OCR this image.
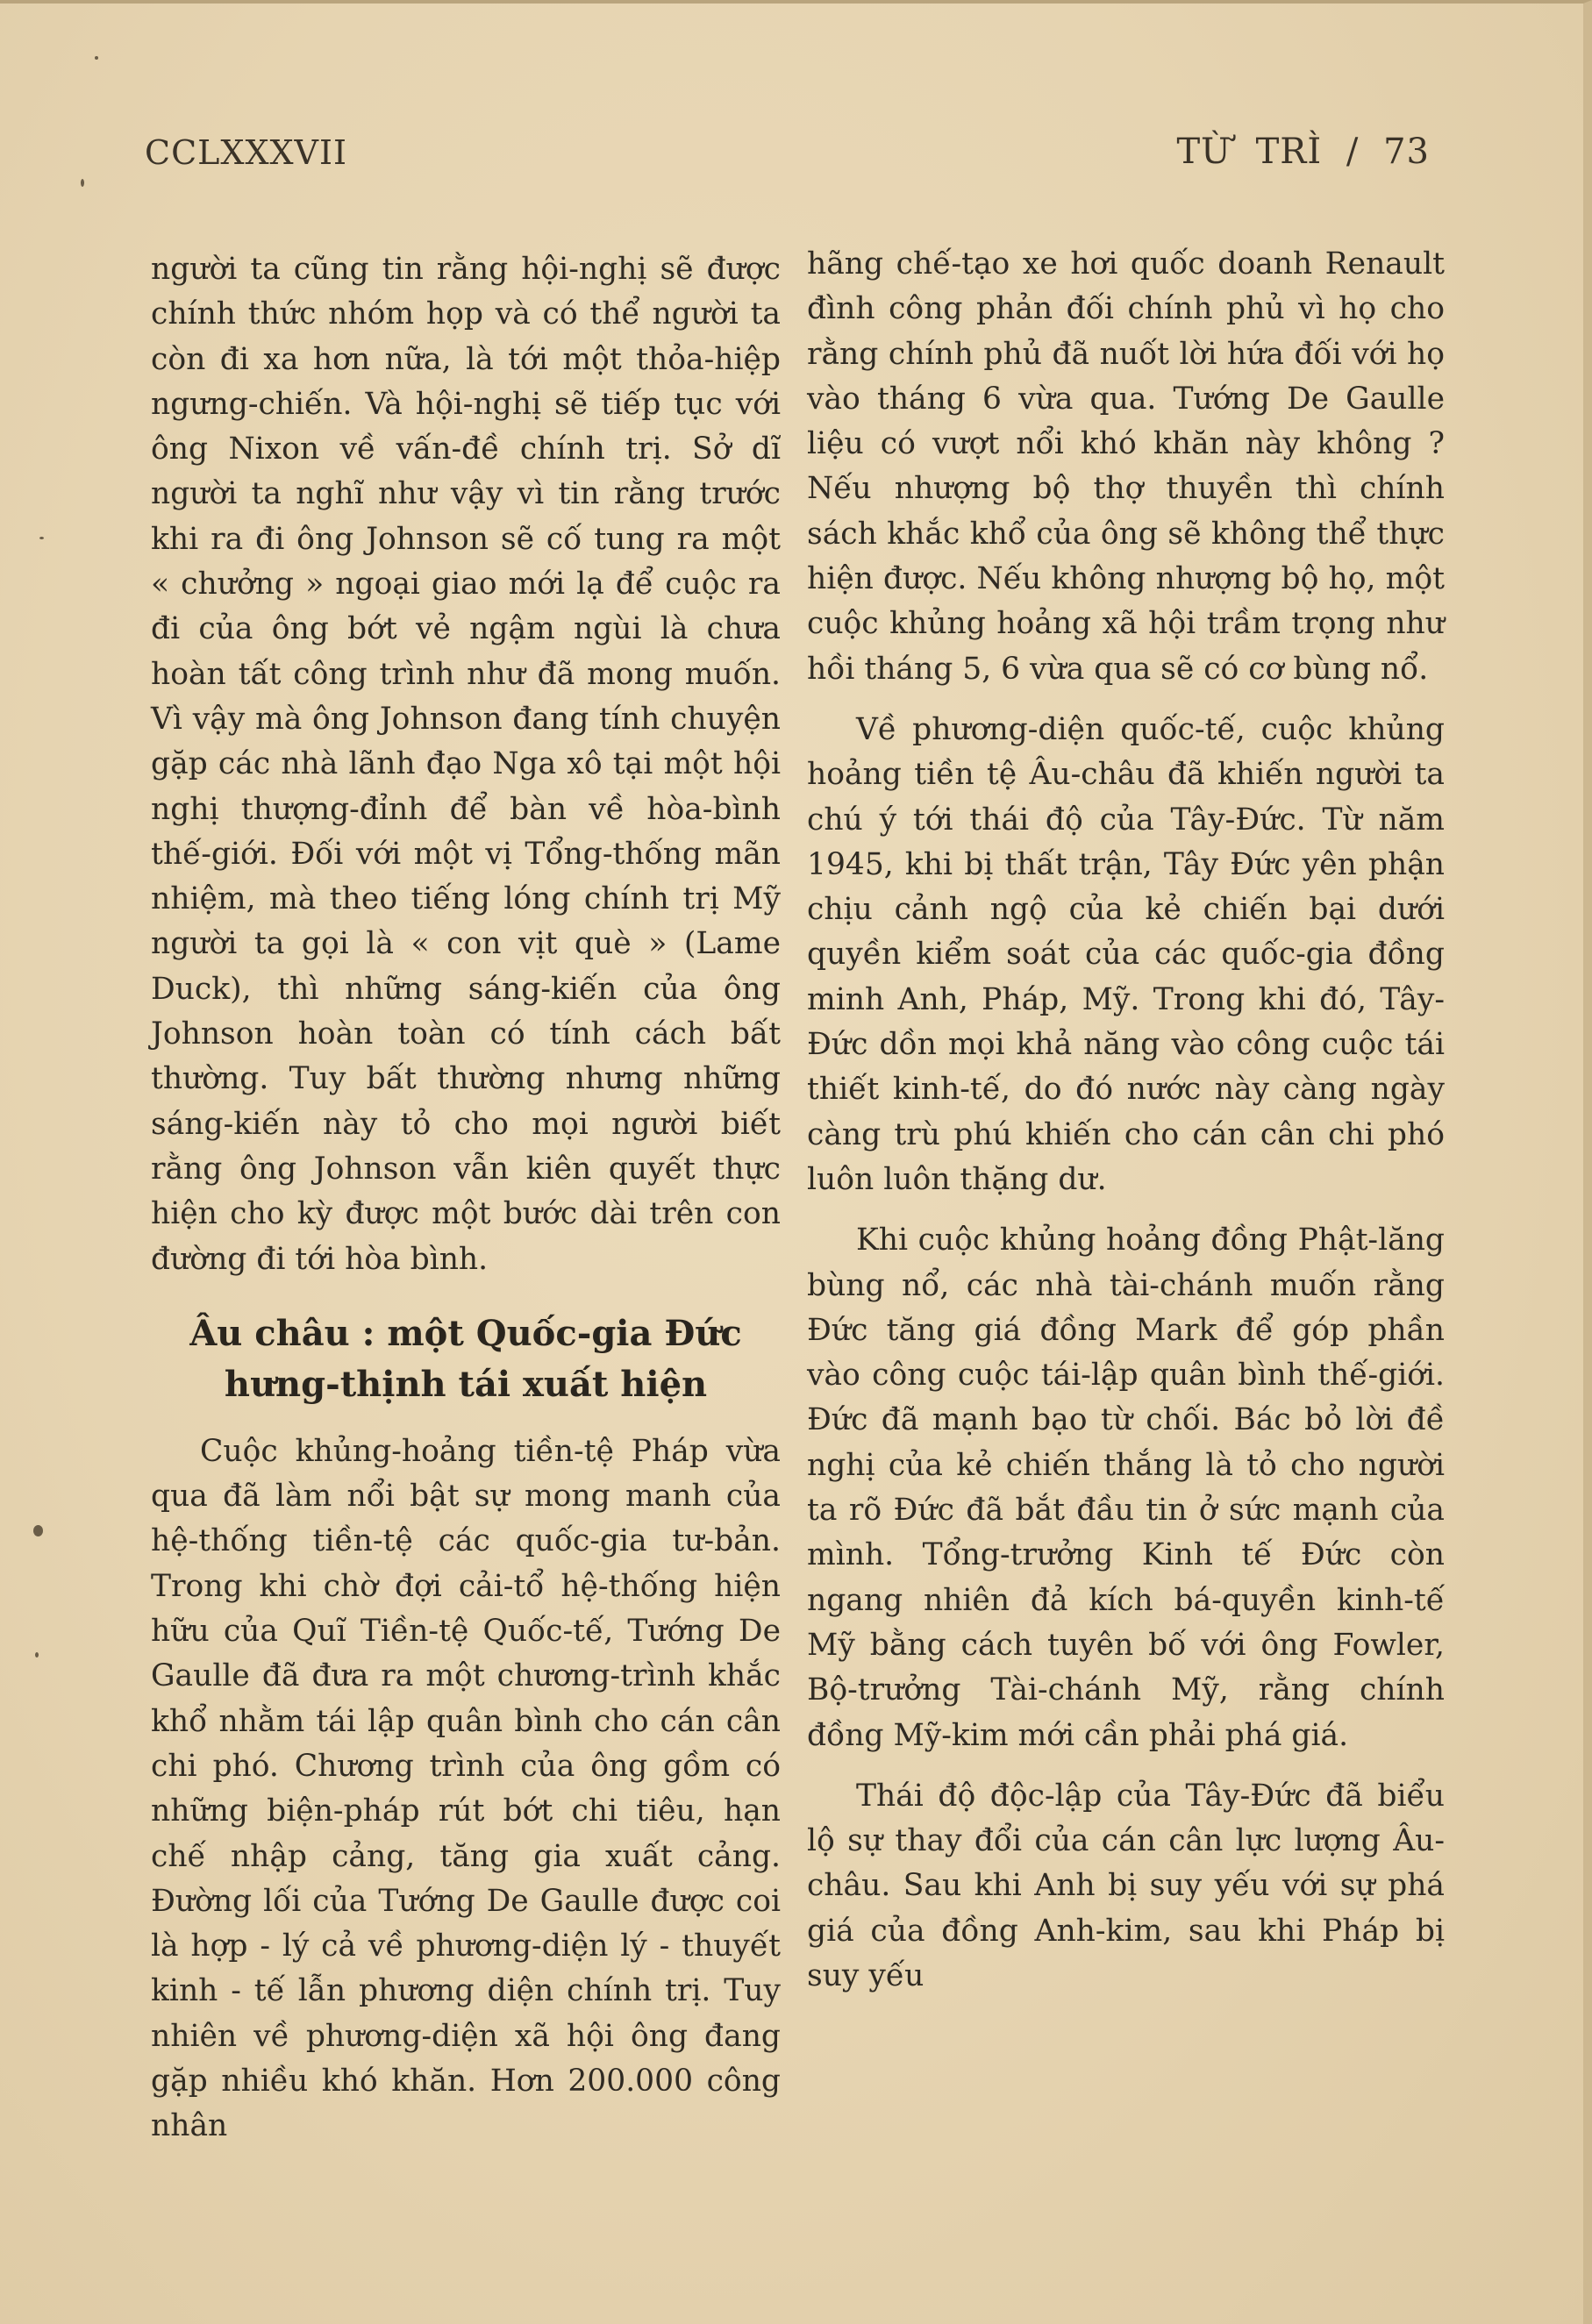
CCLXXXVII	TỪ TRÌ / 73

người ta cũng tin rằng hội-nghị sẽ được chính thức nhóm họp và có thể người ta còn đi xa hơn nữa, là tới một thỏa-hiệp ngưng-chiến. Và hội-nghị sẽ tiếp tục với ông Nixon về vấn-đề chính trị. Sở dĩ người ta nghĩ như vậy vì tin rằng trước khi ra đi ông Johnson sẽ cố tung ra một « chưởng » ngoại giao mới lạ để cuộc ra đi của ông bớt vẻ ngậm ngùi là chưa hoàn tất công trình như đã mong muốn. Vì vậy mà ông Johnson đang tính chuyện gặp các nhà lãnh đạo Nga xô tại một hội nghị thượng-đỉnh để bàn về hòa-bình thế-giới. Đối với một vị Tổng-thống mãn nhiệm, mà theo tiếng lóng chính trị Mỹ người ta gọi là « con vịt què » (Lame Duck), thì những sáng-kiến của ông Johnson hoàn toàn có tính cách bất thường. Tuy bất thường nhưng những sáng-kiến này tỏ cho mọi người biết rằng ông Johnson vẫn kiên quyết thực hiện cho kỳ được một bước dài trên con đường đi tới hòa bình.

Âu châu : một Quốc-gia Đức
hưng-thịnh tái xuất hiện

Cuộc khủng-hoảng tiền-tệ Pháp vừa qua đã làm nổi bật sự mong manh của hệ-thống tiền-tệ các quốc-gia tư-bản. Trong khi chờ đợi cải-tổ hệ-thống hiện hữu của Quĩ Tiền-tệ Quốc-tế, Tướng De Gaulle đã đưa ra một chương-trình khắc khổ nhằm tái lập quân bình cho cán cân chi phó. Chương trình của ông gồm có những biện-pháp rút bớt chi tiêu, hạn chế nhập cảng, tăng gia xuất cảng. Đường lối của Tướng De Gaulle được coi là hợp - lý cả về phương-diện lý - thuyết kinh - tế lẫn phương diện chính trị. Tuy nhiên về phương-diện xã hội ông đang gặp nhiều khó khăn. Hơn 200.000 công nhân

hãng chế-tạo xe hơi quốc doanh Renault đình công phản đối chính phủ vì họ cho rằng chính phủ đã nuốt lời hứa đối với họ vào tháng 6 vừa qua. Tướng De Gaulle liệu có vượt nổi khó khăn này không ? Nếu nhượng bộ thợ thuyền thì chính sách khắc khổ của ông sẽ không thể thực hiện được. Nếu không nhượng bộ họ, một cuộc khủng hoảng xã hội trầm trọng như hồi tháng 5, 6 vừa qua sẽ có cơ bùng nổ.

Về phương-diện quốc-tế, cuộc khủng hoảng tiền tệ Âu-châu đã khiến người ta chú ý tới thái độ của Tây-Đức. Từ năm 1945, khi bị thất trận, Tây Đức yên phận chịu cảnh ngộ của kẻ chiến bại dưới quyền kiểm soát của các quốc-gia đồng minh Anh, Pháp, Mỹ. Trong khi đó, Tây-Đức dồn mọi khả năng vào công cuộc tái thiết kinh-tế, do đó nước này càng ngày càng trù phú khiến cho cán cân chi phó luôn luôn thặng dư.

Khi cuộc khủng hoảng đồng Phật-lăng bùng nổ, các nhà tài-chánh muốn rằng Đức tăng giá đồng Mark để góp phần vào công cuộc tái-lập quân bình thế-giới. Đức đã mạnh bạo từ chối. Bác bỏ lời đề nghị của kẻ chiến thắng là tỏ cho người ta rõ Đức đã bắt đầu tin ở sức mạnh của mình. Tổng-trưởng Kinh tế Đức còn ngang nhiên đả kích bá-quyền kinh-tế Mỹ bằng cách tuyên bố với ông Fowler, Bộ-trưởng Tài-chánh Mỹ, rằng chính đồng Mỹ-kim mới cần phải phá giá.

Thái độ độc-lập của Tây-Đức đã biểu lộ sự thay đổi của cán cân lực lượng Âu-châu. Sau khi Anh bị suy yếu với sự phá giá của đồng Anh-kim, sau khi Pháp bị suy yếu
